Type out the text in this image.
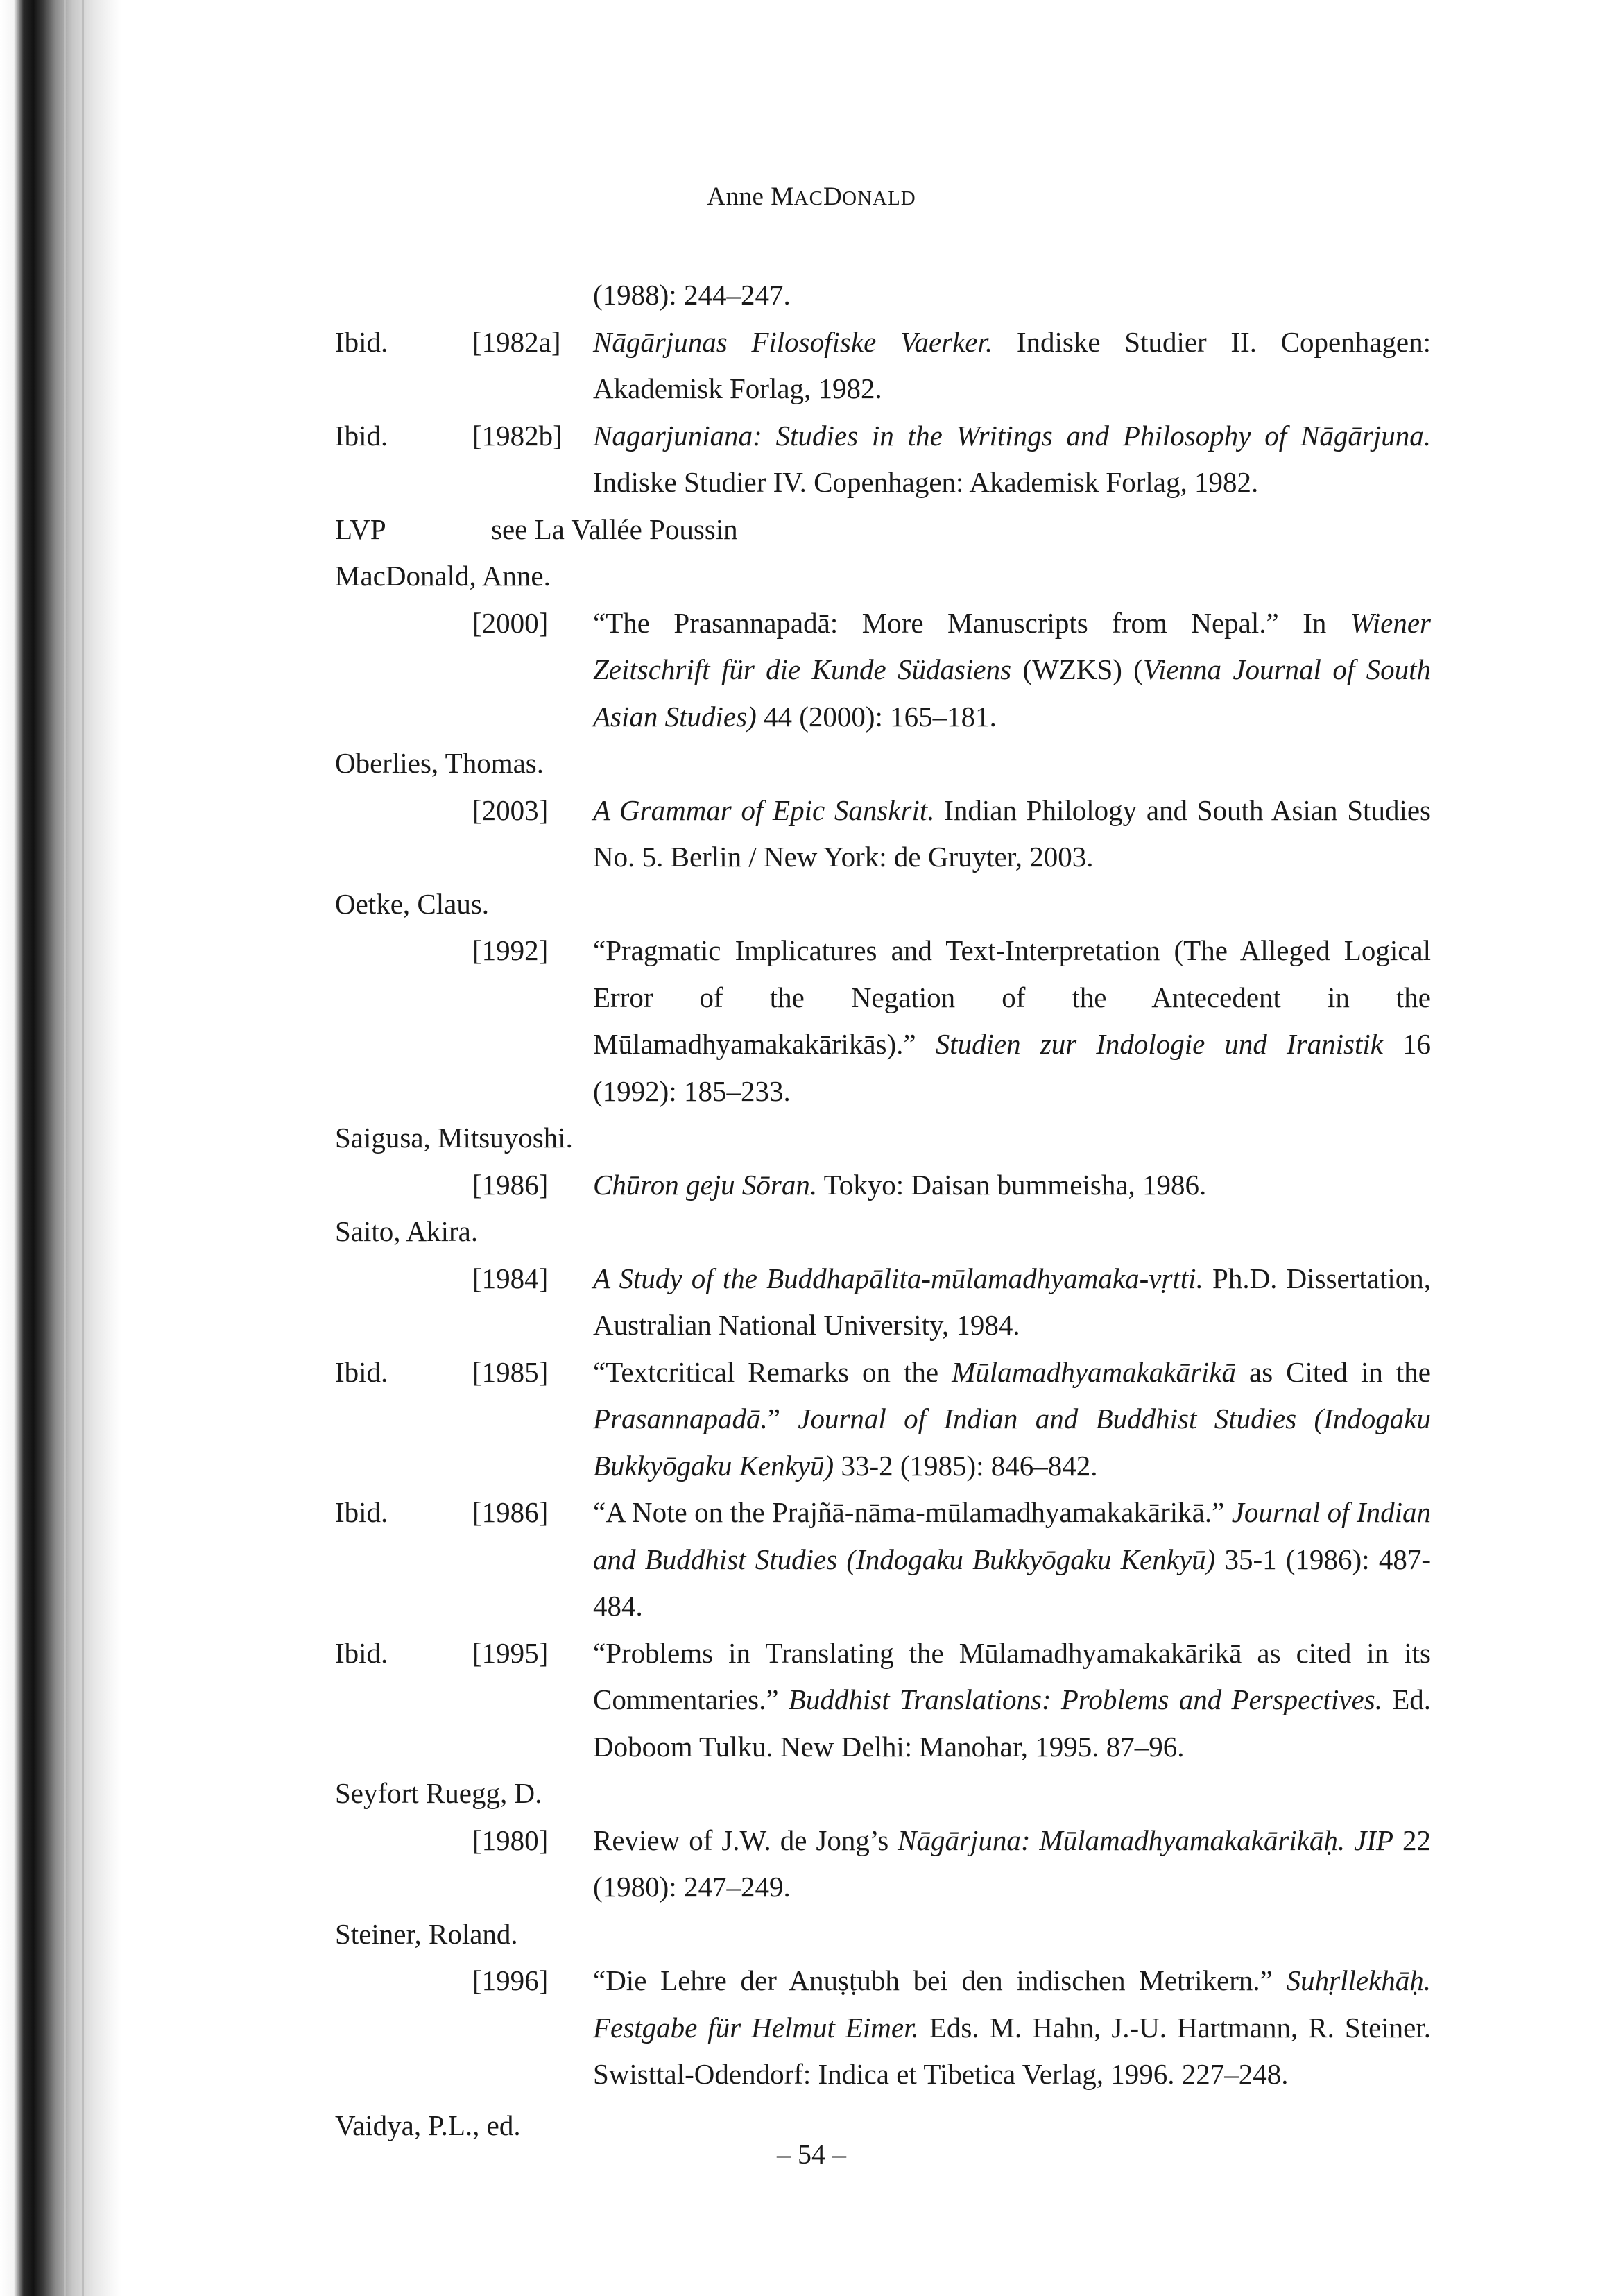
Anne MACDONALD
(1988): 244–247.
Ibid.	[1982a] Nāgārjunas Filosofiske Vaerker. Indiske Studier II. Copenhagen: Akademisk Forlag, 1982.
Ibid.	[1982b] Nagarjuniana: Studies in the Writings and Philosophy of Nāgārjuna. Indiske Studier IV. Copenhagen: Akademisk Forlag, 1982.
LVP	see La Vallée Poussin
MacDonald, Anne.
[2000] “The Prasannapadā: More Manuscripts from Nepal.” In Wiener Zeitschrift für die Kunde Südasiens (WZKS) (Vienna Journal of South Asian Studies) 44 (2000): 165–181.
Oberlies, Thomas.
[2003] A Grammar of Epic Sanskrit. Indian Philology and South Asian Studies No. 5. Berlin / New York: de Gruyter, 2003.
Oetke, Claus.
[1992] “Pragmatic Implicatures and Text-Interpretation (The Alleged Logical Error of the Negation of the Antecedent in the Mūlamadhyamakakārikās).” Studien zur Indologie und Iranistik 16 (1992): 185–233.
Saigusa, Mitsuyoshi.
[1986] Chūron geju Sōran. Tokyo: Daisan bummeisha, 1986.
Saito, Akira.
[1984] A Study of the Buddhapālita-mūlamadhyamaka-vṛtti. Ph.D. Dissertation, Australian National University, 1984.
Ibid.	[1985] “Textcritical Remarks on the Mūlamadhyamakakārikā as Cited in the Prasannapadā.” Journal of Indian and Buddhist Studies (Indogaku Bukkyōgaku Kenkyū) 33-2 (1985): 846–842.
Ibid.	[1986] “A Note on the Prajñā-nāma-mūlamadhyamakakārikā.” Journal of Indian and Buddhist Studies (Indogaku Bukkyōgaku Kenkyū) 35-1 (1986): 487-484.
Ibid.	[1995] “Problems in Translating the Mūlamadhyamakakārikā as cited in its Commentaries.” Buddhist Translations: Problems and Perspectives. Ed. Doboom Tulku. New Delhi: Manohar, 1995. 87–96.
Seyfort Ruegg, D.
[1980] Review of J.W. de Jong’s Nāgārjuna: Mūlamadhyamakakārikāḥ. JIP 22 (1980): 247–249.
Steiner, Roland.
[1996] “Die Lehre der Anuṣṭubh bei den indischen Metrikern.” Suhṛllekhāḥ. Festgabe für Helmut Eimer. Eds. M. Hahn, J.-U. Hartmann, R. Steiner. Swisttal-Odendorf: Indica et Tibetica Verlag, 1996. 227–248.
Vaidya, P.L., ed.
– 54 –
